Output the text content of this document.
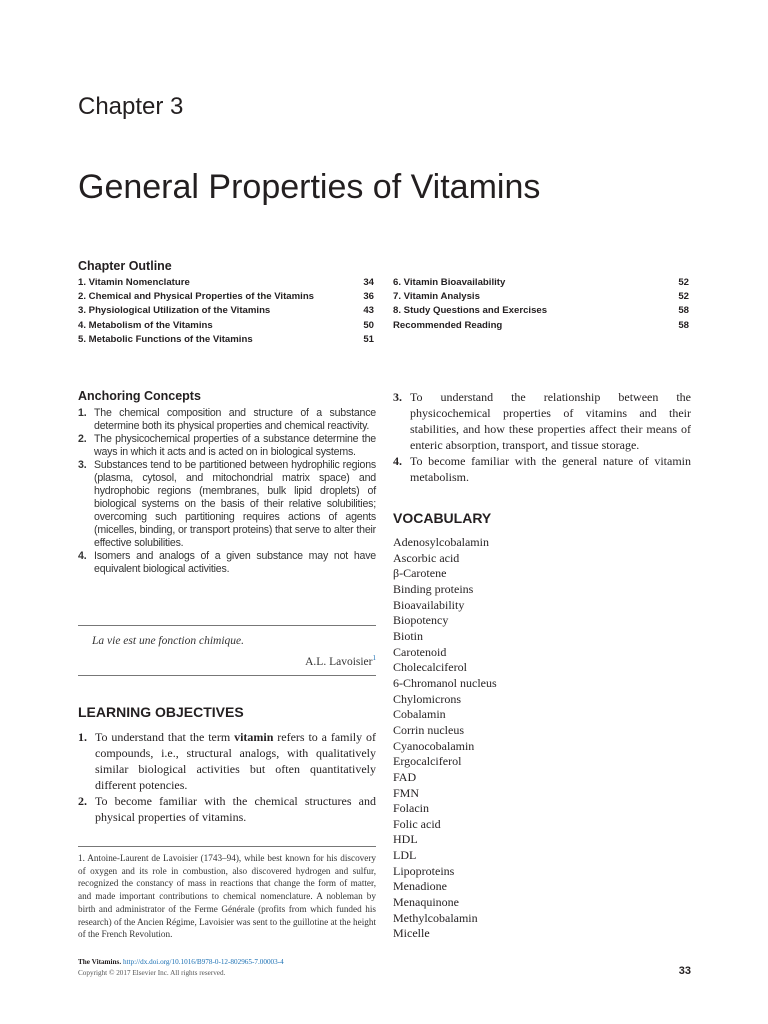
Chapter 3
General Properties of Vitamins
Chapter Outline
1. Vitamin Nomenclature	34
2. Chemical and Physical Properties of the Vitamins	36
3. Physiological Utilization of the Vitamins	43
4. Metabolism of the Vitamins	50
5. Metabolic Functions of the Vitamins	51
6. Vitamin Bioavailability	52
7. Vitamin Analysis	52
8. Study Questions and Exercises	58
Recommended Reading	58
Anchoring Concepts
1. The chemical composition and structure of a substance determine both its physical properties and chemical reactivity.
2. The physicochemical properties of a substance determine the ways in which it acts and is acted on in biological systems.
3. Substances tend to be partitioned between hydrophilic regions (plasma, cytosol, and mitochondrial matrix space) and hydrophobic regions (membranes, bulk lipid droplets) of biological systems on the basis of their relative solubilities; overcoming such partitioning requires actions of agents (micelles, binding, or transport proteins) that serve to alter their effective solubilities.
4. Isomers and analogs of a given substance may not have equivalent biological activities.
La vie est une fonction chimique.
A.L. Lavoisier$^1$
LEARNING OBJECTIVES
1. To understand that the term vitamin refers to a family of compounds, i.e., structural analogs, with qualitatively similar biological activities but often quantitatively different potencies.
2. To become familiar with the chemical structures and physical properties of vitamins.
1. Antoine-Laurent de Lavoisier (1743–94), while best known for his discovery of oxygen and its role in combustion, also discovered hydrogen and sulfur, recognized the constancy of mass in reactions that change the form of matter, and made important contributions to chemical nomenclature. A nobleman by birth and administrator of the Ferme Générale (profits from which funded his research) of the Ancien Régime, Lavoisier was sent to the guillotine at the height of the French Revolution.
3. To understand the relationship between the physicochemical properties of vitamins and their stabilities, and how these properties affect their means of enteric absorption, transport, and tissue storage.
4. To become familiar with the general nature of vitamin metabolism.
VOCABULARY
Adenosylcobalamin
Ascorbic acid
β-Carotene
Binding proteins
Bioavailability
Biopotency
Biotin
Carotenoid
Cholecalciferol
6-Chromanol nucleus
Chylomicrons
Cobalamin
Corrin nucleus
Cyanocobalamin
Ergocalciferol
FAD
FMN
Folacin
Folic acid
HDL
LDL
Lipoproteins
Menadione
Menaquinone
Methylcobalamin
Micelle
The Vitamins. http://dx.doi.org/10.1016/B978-0-12-802965-7.00003-4
Copyright © 2017 Elsevier Inc. All rights reserved.	33
